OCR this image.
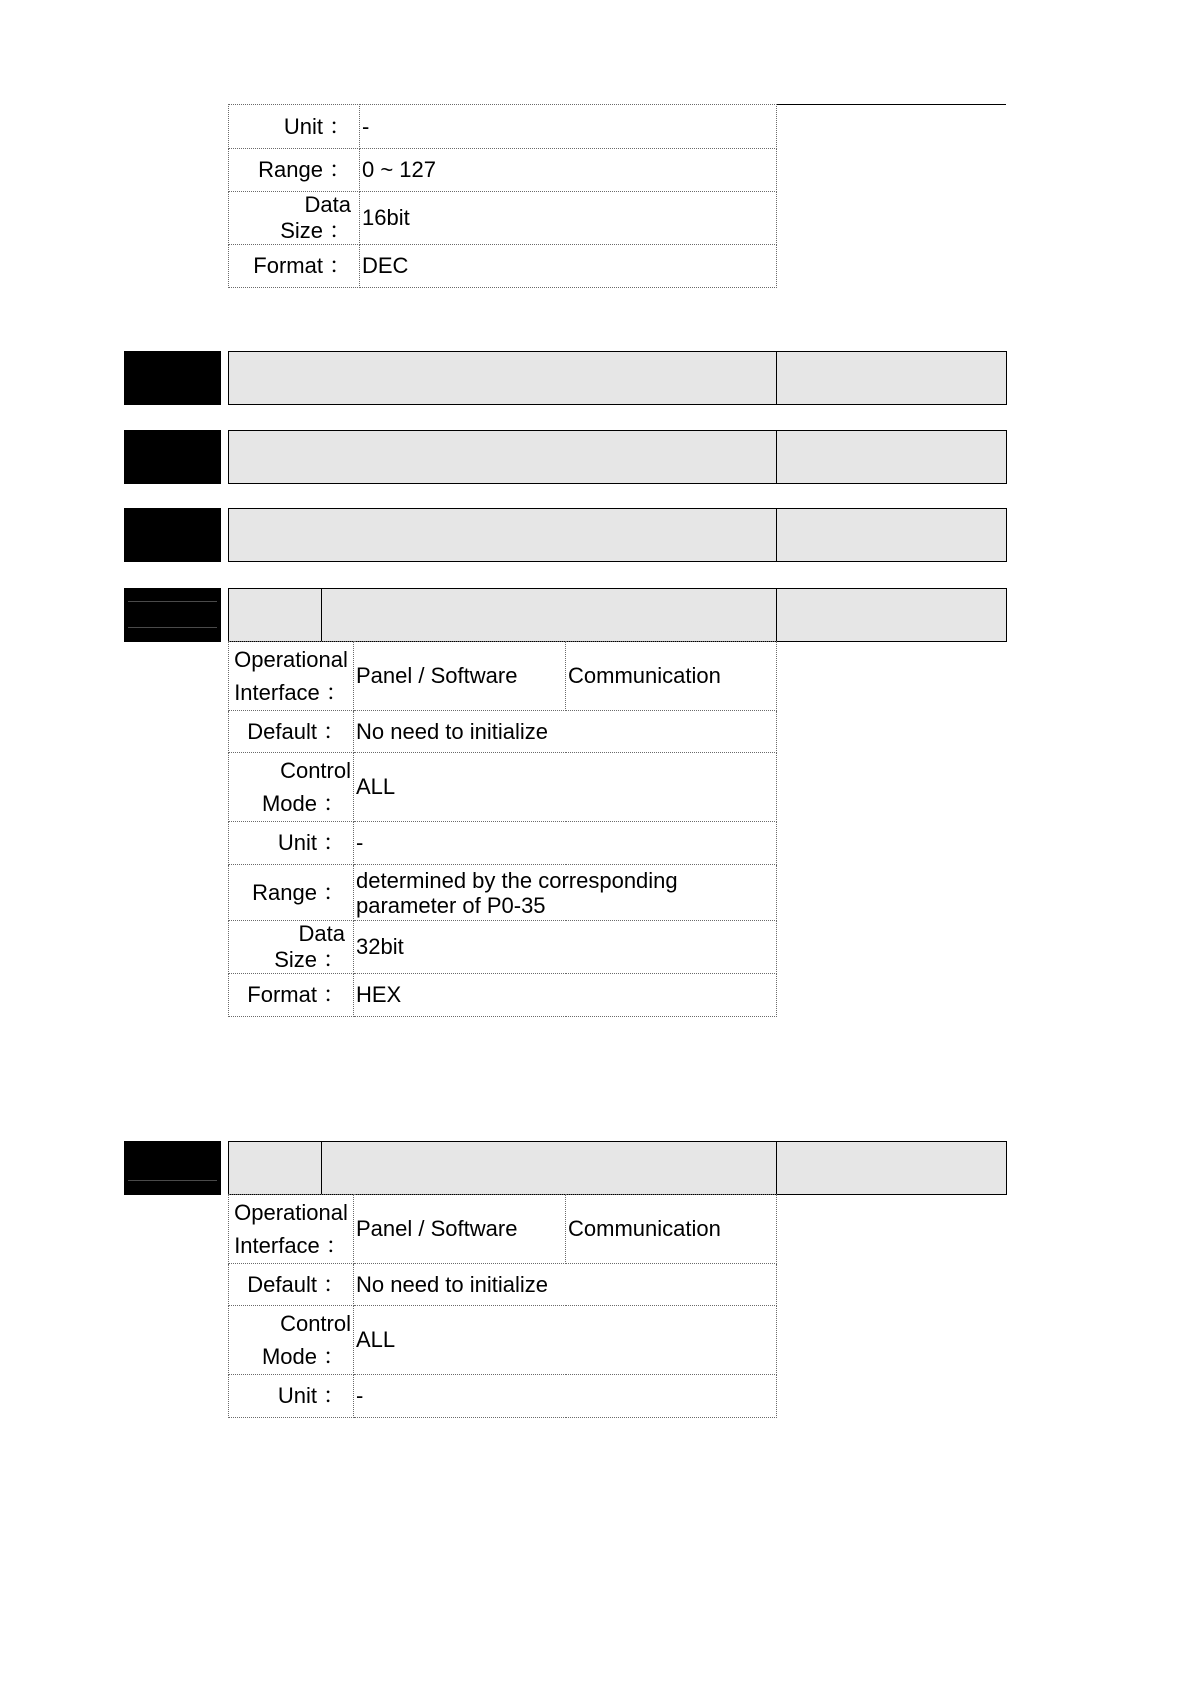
Unit ：	-
Range ：	0 ~ 127
Data Size ：	16bit
Format ：	DEC
Operational
Interface ：	Panel / Software	Communication
Default ：	No need to initialize	

Control
Mode ：	ALL	
Unit ：	-	
Range ：	determined by the corresponding
parameter of P0-35	

Data Size ：	32bit	
Format ：	HEX	
Operational
Interface ：	Panel / Software	Communication
Default ：	No need to initialize	

Control
Mode ：	ALL	
Unit ：	-	
